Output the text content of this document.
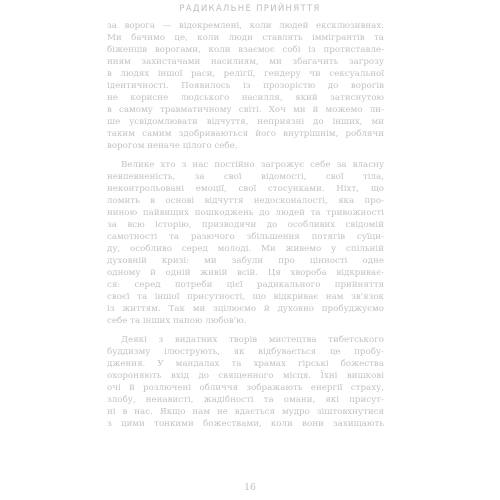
РАДИКАЛЬНЕ ПРИЙНЯТТЯ
за ворога — відокремлені, коли людей ексклюзивнах.
Ми бачимо це, коли люди ставлять іммігрантів та
біженців ворогами, коли взаємоє собі із протиставле-
нням захистачами насилиям, ми збагачить загрозу
в людях іншої раси, релігії, гендеру чи сексуальної
ідентичності. Появилось із прозорістю до ворогів
не корисне людського насилля, який затиснутою
в самому травматичному світі. Хоч ми й можемо ли-
ше усвідомлювати відчуття, неприязні до інших, ми
таким самим здобриваються його внутрішнім, роблячи
ворогом неначе цілого себе.
Велике хто з нас постійно загрожує себе за власну
невпевненість, за свої відомості, свої тіла,
неконтрольовані емоції, свої стосунками. Ніхт, що
ломить в основі відчуття недосконалості, яка про-
ниною пайвищих пошкоджень до людей та тривожності
за всю історію, призводячи до особливих свідомій
самотності та разючого збільшення потягів суїци-
ду, особливо серед молоді. Ми живемо у спільній
духовній кризі: ми забули про цінності одне
одному й одній живій всій. Ця хвороба відкриває-
ся: серед потреби цієї радикального прийняття
своєї та іншої присутності, що відкриває нам зв'язок
із життям. Так ми зцілюємо й духовно пробуджуємо
себе та інших папою любов'ю.
Деякі з видатних творів мистецтва тибетського
буддизму ілюструють, як відбувається це пробу-
дження. У мандалах та храмах гірські божества
охороняють вхід до священного місця. Їхні вишкові
очі й розлючені обличчя зображають енергії страху,
злобу, ненависті, жадібності та омани, які присут-
ні в нас. Якщо нам не вдається мудро зіштовхнутися
з цими тонкими божествами, коли вони захищають
16
